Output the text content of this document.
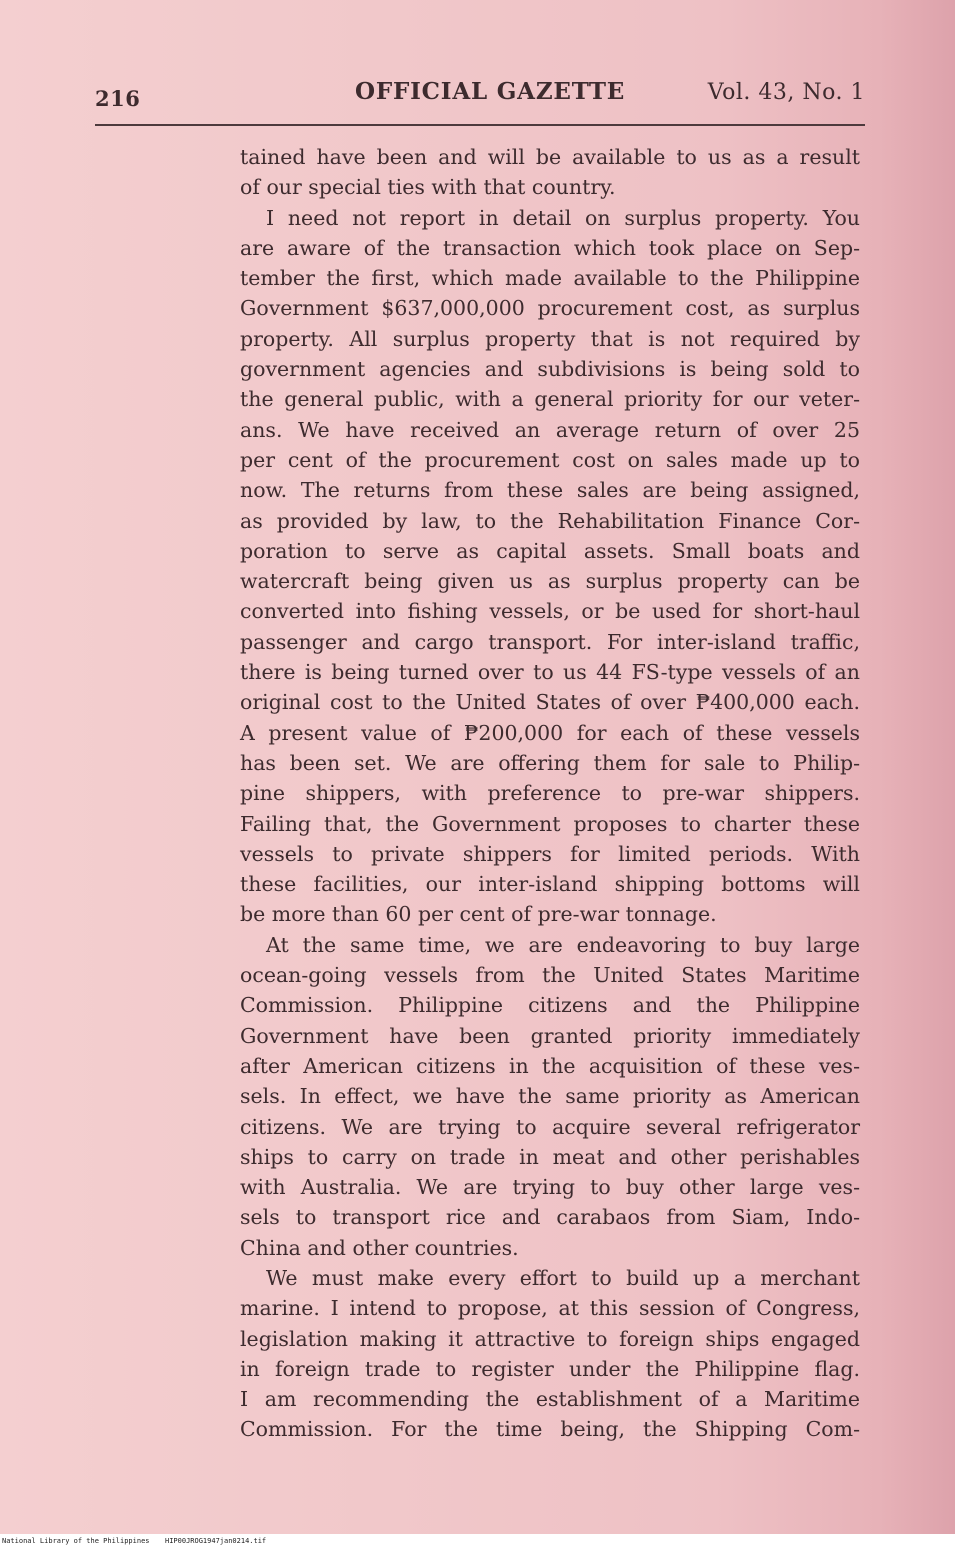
216	OFFICIAL GAZETTE	Vol. 43, No. 1
tained have been and will be available to us as a result
of our special ties with that country.
I need not report in detail on surplus property. You
are aware of the transaction which took place on Sep-
tember the first, which made available to the Philippine
Government $637,000,000 procurement cost, as surplus
property. All surplus property that is not required by
government agencies and subdivisions is being sold to
the general public, with a general priority for our veter-
ans. We have received an average return of over 25
per cent of the procurement cost on sales made up to
now. The returns from these sales are being assigned,
as provided by law, to the Rehabilitation Finance Cor-
poration to serve as capital assets. Small boats and
watercraft being given us as surplus property can be
converted into fishing vessels, or be used for short-haul
passenger and cargo transport. For inter-island traffic,
there is being turned over to us 44 FS-type vessels of an
original cost to the United States of over ₱400,000 each.
A present value of ₱200,000 for each of these vessels
has been set. We are offering them for sale to Philip-
pine shippers, with preference to pre-war shippers.
Failing that, the Government proposes to charter these
vessels to private shippers for limited periods. With
these facilities, our inter-island shipping bottoms will
be more than 60 per cent of pre-war tonnage.
At the same time, we are endeavoring to buy large
ocean-going vessels from the United States Maritime
Commission. Philippine citizens and the Philippine
Government have been granted priority immediately
after American citizens in the acquisition of these ves-
sels. In effect, we have the same priority as American
citizens. We are trying to acquire several refrigerator
ships to carry on trade in meat and other perishables
with Australia. We are trying to buy other large ves-
sels to transport rice and carabaos from Siam, Indo-
China and other countries.
We must make every effort to build up a merchant
marine. I intend to propose, at this session of Congress,
legislation making it attractive to foreign ships engaged
in foreign trade to register under the Philippine flag.
I am recommending the establishment of a Maritime
Commission. For the time being, the Shipping Com-
National Library of the Philippines HIP00JROG1947jan0214.tif
